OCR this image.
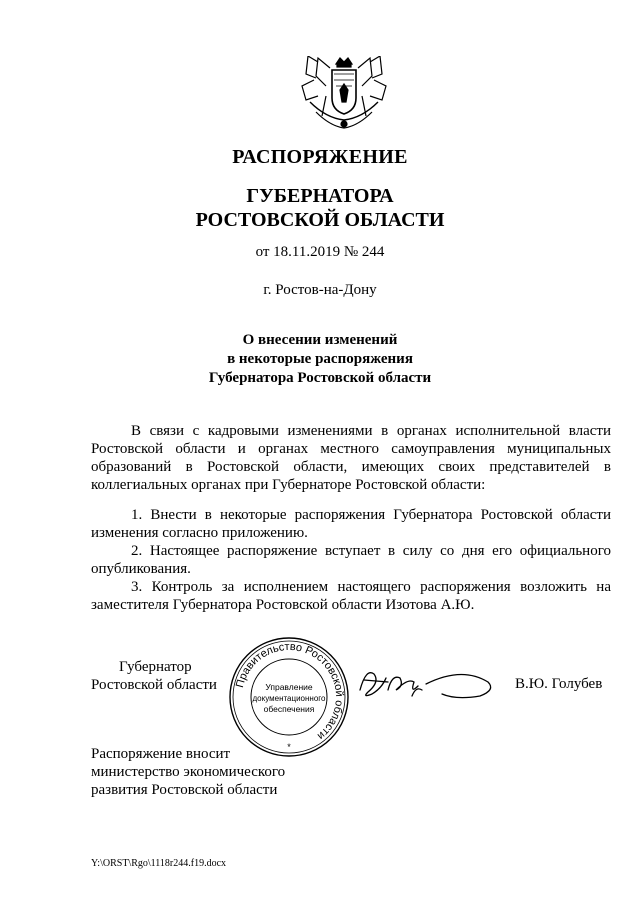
РАСПОРЯЖЕНИЕ
ГУБЕРНАТОРА
РОСТОВСКОЙ ОБЛАСТИ
от 18.11.2019 № 244
г. Ростов-на-Дону
О внесении изменений
в некоторые распоряжения
Губернатора Ростовской области

В связи с кадровыми изменениями в органах исполнительной власти Ростовской области и органах местного самоуправления муниципальных образований в Ростовской области, имеющих своих представителей в коллегиальных органах при Губернаторе Ростовской области:

1. Внести в некоторые распоряжения Губернатора Ростовской области изменения согласно приложению.

2. Настоящее распоряжение вступает в силу со дня его официального опубликования.

3. Контроль за исполнением настоящего распоряжения возложить на заместителя Губернатора Ростовской области Изотова А.Ю.

Губернатор
Ростовской области Правительство Ростовской области
Управление
документационного
обеспечения
*
В.Ю. Голубев
Распоряжение вносит
министерство экономического
развития Ростовской области
Y:\ORST\Rgo\1118r244.f19.docx
